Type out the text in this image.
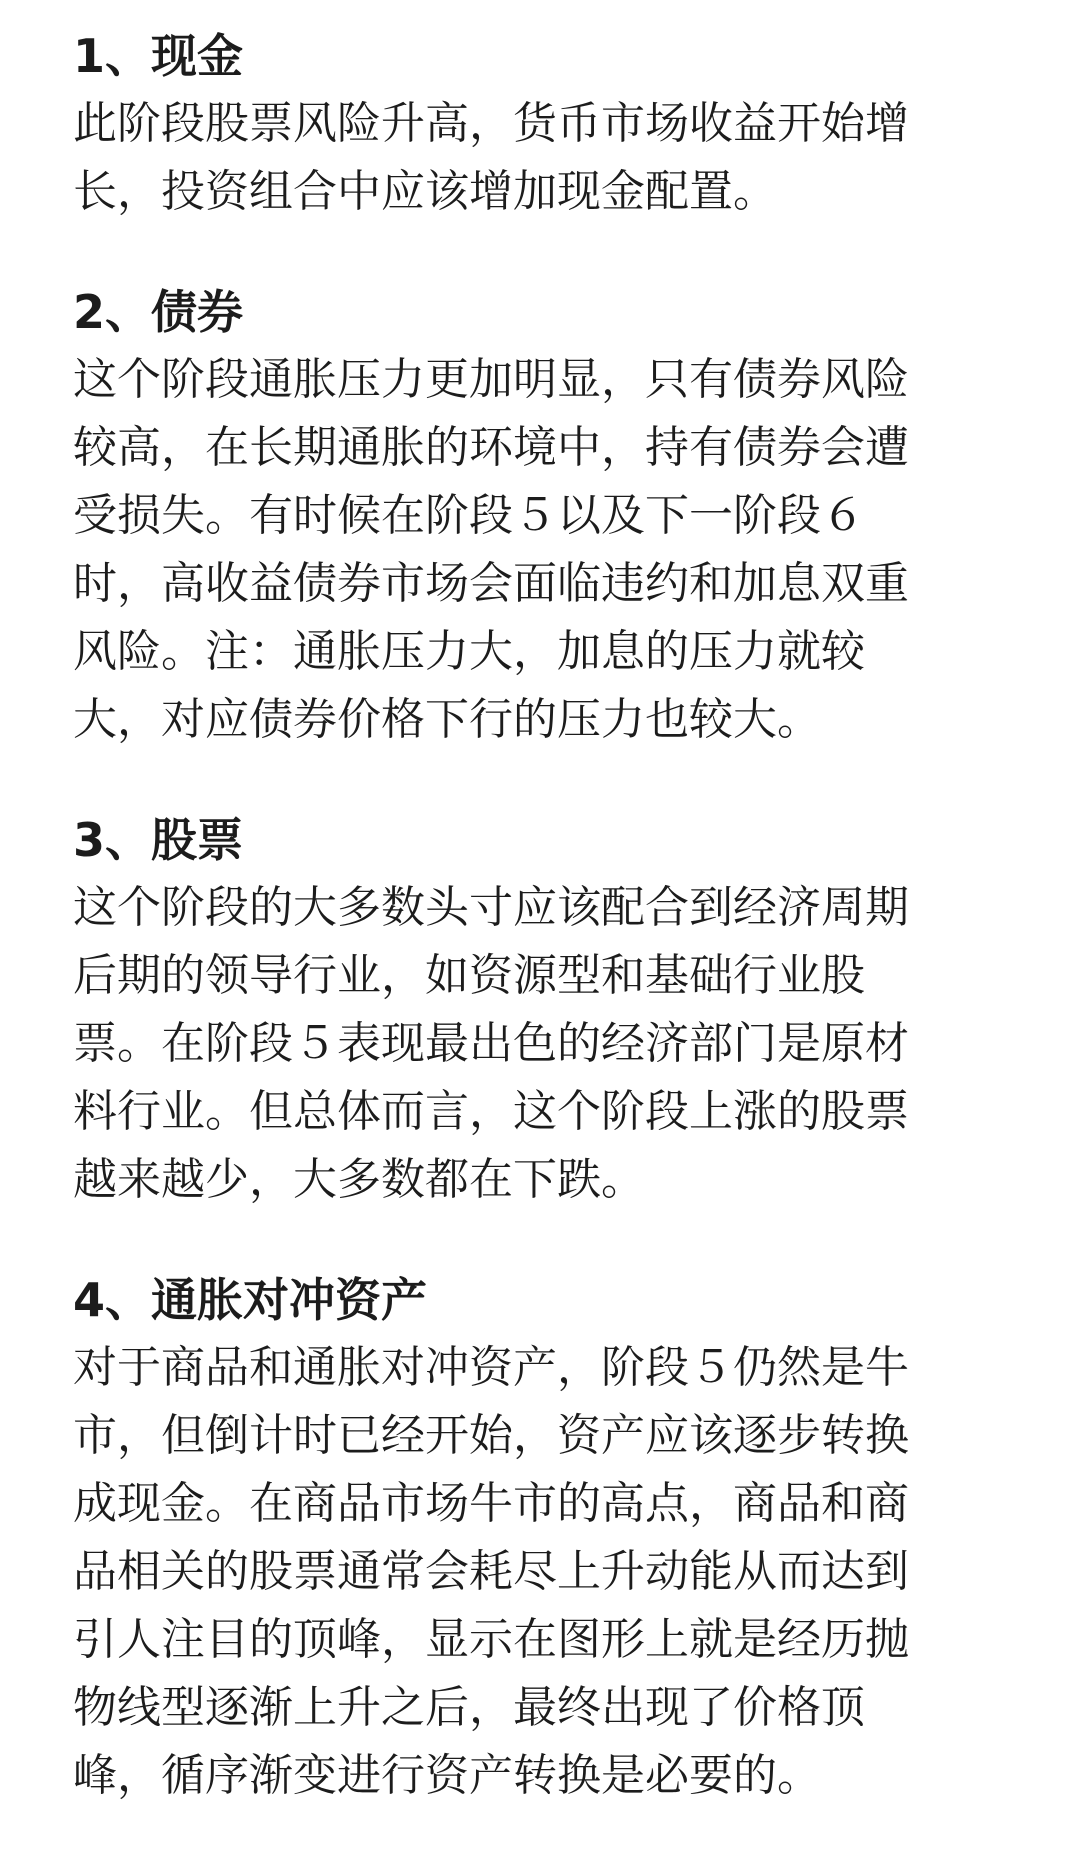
1、现金

此阶段股票风险升高，货币市场收益开始增
长，投资组合中应该增加现金配置。

2、债券

这个阶段通胀压力更加明显，只有债券风险
较高，在长期通胀的环境中，持有债券会遭
受损失。有时候在阶段５以及下一阶段６
时，高收益债券市场会面临违约和加息双重
风险。注：通胀压力大，加息的压力就较
大，对应债券价格下行的压力也较大。

3、股票

这个阶段的大多数头寸应该配合到经济周期
后期的领导行业，如资源型和基础行业股
票。在阶段５表现最出色的经济部门是原材
料行业。但总体而言，这个阶段上涨的股票
越来越少，大多数都在下跌。

4、通胀对冲资产

对于商品和通胀对冲资产，阶段５仍然是牛
市，但倒计时已经开始，资产应该逐步转换
成现金。在商品市场牛市的高点，商品和商
品相关的股票通常会耗尽上升动能从而达到
引人注目的顶峰，显示在图形上就是经历抛
物线型逐渐上升之后，最终出现了价格顶
峰，循序渐变进行资产转换是必要的。
